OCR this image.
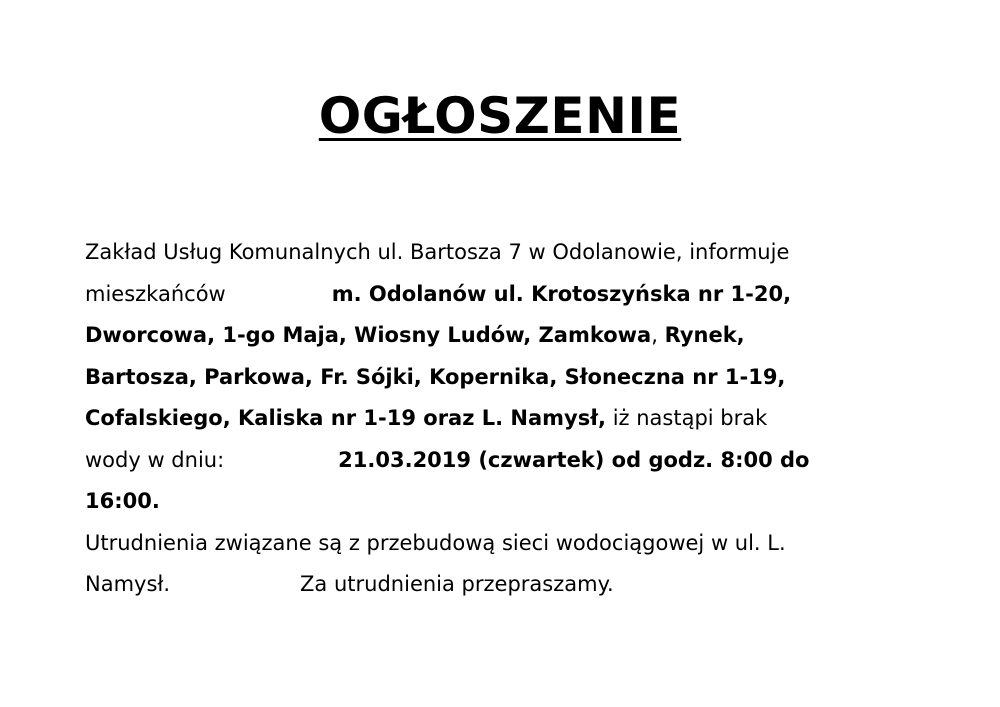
OGŁOSZENIE
Zakład Usług Komunalnych ul. Bartosza 7 w Odolanowie, informuje
mieszkańców	m. Odolanów ul. Krotoszyńska nr 1-20,
Dworcowa, 1-go Maja, Wiosny Ludów, Zamkowa, Rynek,
Bartosza, Parkowa, Fr. Sójki, Kopernika, Słoneczna nr 1-19,
Cofalskiego, Kaliska nr 1-19 oraz L. Namysł, iż nastąpi brak
wody w dniu:	21.03.2019 (czwartek) od godz. 8:00 do
16:00.
Utrudnienia związane są z przebudową sieci wodociągowej w ul. L.
Namysł.	Za utrudnienia przepraszamy.
